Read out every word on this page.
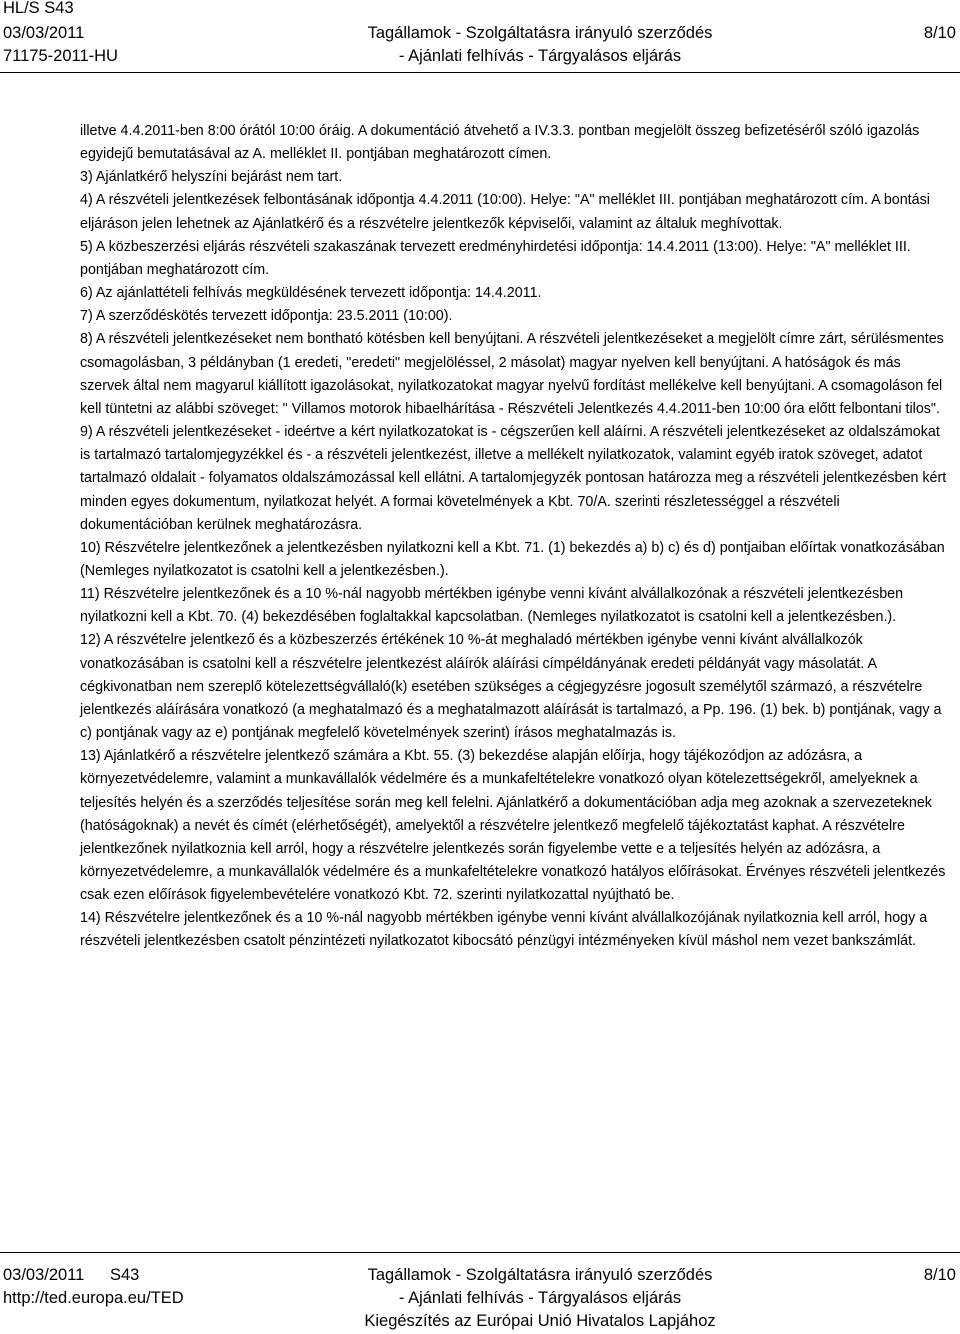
HL/S S43
03/03/2011	Tagállamok - Szolgáltatásra irányuló szerződés	8/10
71175-2011-HU	- Ajánlati felhívás - Tárgyalásos eljárás

illetve 4.4.2011-ben 8:00 órától 10:00 óráig. A dokumentáció átvehető a IV.3.3. pontban megjelölt összeg befizetéséről szóló igazolás egyidejű bemutatásával az A. melléklet II. pontjában meghatározott címen.

3) Ajánlatkérő helyszíni bejárást nem tart.

4) A részvételi jelentkezések felbontásának időpontja 4.4.2011 (10:00). Helye: "A" melléklet III. pontjában meghatározott cím. A bontási eljáráson jelen lehetnek az Ajánlatkérő és a részvételre jelentkezők képviselői, valamint az általuk meghívottak.

5) A közbeszerzési eljárás részvételi szakaszának tervezett eredményhirdetési időpontja: 14.4.2011 (13:00). Helye: "A" melléklet III. pontjában meghatározott cím.

6) Az ajánlattételi felhívás megküldésének tervezett időpontja: 14.4.2011.

7) A szerződéskötés tervezett időpontja: 23.5.2011 (10:00).

8) A részvételi jelentkezéseket nem bontható kötésben kell benyújtani. A részvételi jelentkezéseket a megjelölt címre zárt, sérülésmentes csomagolásban, 3 példányban (1 eredeti, "eredeti" megjelöléssel, 2 másolat) magyar nyelven kell benyújtani. A hatóságok és más szervek által nem magyarul kiállított igazolásokat, nyilatkozatokat magyar nyelvű fordítást mellékelve kell benyújtani. A csomagoláson fel kell tüntetni az alábbi szöveget: " Villamos motorok hibaelhárítása - Részvételi Jelentkezés 4.4.2011-ben 10:00 óra előtt felbontani tilos".

9) A részvételi jelentkezéseket - ideértve a kért nyilatkozatokat is - cégszerűen kell aláírni. A részvételi jelentkezéseket az oldalszámokat is tartalmazó tartalomjegyzékkel és - a részvételi jelentkezést, illetve a mellékelt nyilatkozatok, valamint egyéb iratok szöveget, adatot tartalmazó oldalait - folyamatos oldalszámozással kell ellátni. A tartalomjegyzék pontosan határozza meg a részvételi jelentkezésben kért minden egyes dokumentum, nyilatkozat helyét. A formai követelmények a Kbt. 70/A. szerinti részletességgel a részvételi dokumentációban kerülnek meghatározásra.

10) Részvételre jelentkezőnek a jelentkezésben nyilatkozni kell a Kbt. 71. (1) bekezdés a) b) c) és d) pontjaiban előírtak vonatkozásában (Nemleges nyilatkozatot is csatolni kell a jelentkezésben.).

11) Részvételre jelentkezőnek és a 10 %-nál nagyobb mértékben igénybe venni kívánt alvállalkozónak a részvételi jelentkezésben nyilatkozni kell a Kbt. 70. (4) bekezdésében foglaltakkal kapcsolatban. (Nemleges nyilatkozatot is csatolni kell a jelentkezésben.).

12) A részvételre jelentkező és a közbeszerzés értékének 10 %-át meghaladó mértékben igénybe venni kívánt alvállalkozók vonatkozásában is csatolni kell a részvételre jelentkezést aláírók aláírási címpéldányának eredeti példányát vagy másolatát. A cégkivonatban nem szereplő kötelezettségvállaló(k) esetében szükséges a cégjegyzésre jogosult személytől származó, a részvételre jelentkezés aláírására vonatkozó (a meghatalmazó és a meghatalmazott aláírását is tartalmazó, a Pp. 196. (1) bek. b) pontjának, vagy a c) pontjának vagy az e) pontjának megfelelő követelmények szerint) írásos meghatalmazás is.

13) Ajánlatkérő a részvételre jelentkező számára a Kbt. 55. (3) bekezdése alapján előírja, hogy tájékozódjon az adózásra, a környezetvédelemre, valamint a munkavállalók védelmére és a munkafeltételekre vonatkozó olyan kötelezettségekről, amelyeknek a teljesítés helyén és a szerződés teljesítése során meg kell felelni. Ajánlatkérő a dokumentációban adja meg azoknak a szervezeteknek (hatóságoknak) a nevét és címét (elérhetőségét), amelyektől a részvételre jelentkező megfelelő tájékoztatást kaphat. A részvételre jelentkezőnek nyilatkoznia kell arról, hogy a részvételre jelentkezés során figyelembe vette e a teljesítés helyén az adózásra, a környezetvédelemre, a munkavállalók védelmére és a munkafeltételekre vonatkozó hatályos előírásokat. Érvényes részvételi jelentkezés csak ezen előírások figyelembevételére vonatkozó Kbt. 72. szerinti nyilatkozattal nyújtható be.

14) Részvételre jelentkezőnek és a 10 %-nál nagyobb mértékben igénybe venni kívánt alvállalkozójának nyilatkoznia kell arról, hogy a részvételi jelentkezésben csatolt pénzintézeti nyilatkozatot kibocsátó pénzügyi intézményeken kívül máshol nem vezet bankszámlát.

03/03/2011 S43	Tagállamok - Szolgáltatásra irányuló szerződés	8/10
http://ted.europa.eu/TED	- Ajánlati felhívás - Tárgyalásos eljárás
Kiegészítés az Európai Unió Hivatalos Lapjához
